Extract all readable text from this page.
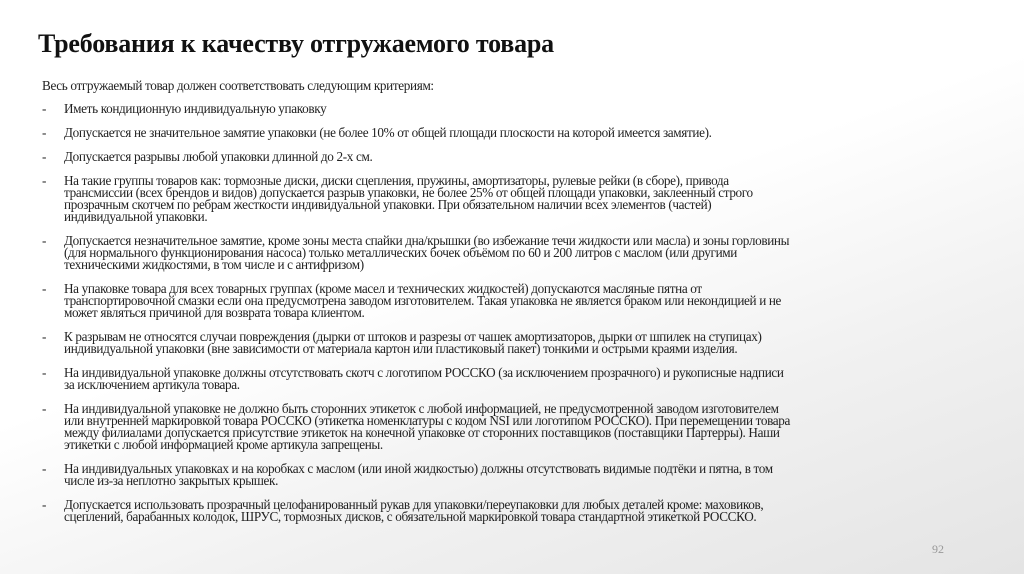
Требования к качеству отгружаемого товара
Весь отгружаемый товар должен соответствовать следующим критериям:
- Иметь кондиционную индивидуальную упаковку
- Допускается не значительное замятие упаковки (не более 10% от общей площади плоскости на которой имеется замятие).
- Допускается разрывы любой упаковки длинной до 2-х см.
- На такие группы товаров как: тормозные диски, диски сцепления, пружины, амортизаторы, рулевые рейки (в сборе), привода
трансмиссии (всех брендов и видов) допускается разрыв упаковки, не более 25% от общей площади упаковки, заклеенный строго
прозрачным скотчем по ребрам жесткости индивидуальной упаковки. При обязательном наличии всех элементов (частей)
индивидуальной упаковки.
- Допускается незначительное замятие, кроме зоны места спайки дна/крышки (во избежание течи жидкости или масла) и зоны горловины
(для нормального функционирования насоса) только металлических бочек объёмом по 60 и 200 литров с маслом (или другими
техническими жидкостями, в том числе и с антифризом)
- На упаковке товара для всех товарных группах (кроме масел и технических жидкостей) допускаются масляные пятна от
транспортировочной смазки если она предусмотрена заводом изготовителем. Такая упаковка не является браком или некондицией и не
может являться причиной для возврата товара клиентом.
- К разрывам не относятся случаи повреждения (дырки от штоков и разрезы от чашек амортизаторов, дырки от шпилек на ступицах)
индивидуальной упаковки (вне зависимости от материала картон или пластиковый пакет) тонкими и острыми краями изделия.
- На индивидуальной упаковке должны отсутствовать скотч с логотипом РОССКО (за исключением прозрачного) и рукописные надписи
за исключением артикула товара.
- На индивидуальной упаковке не должно быть сторонних этикеток с любой информацией, не предусмотренной заводом изготовителем
или внутренней маркировкой товара РОССКО (этикетка номенклатуры с кодом NSI или логотипом РОССКО). При перемещении товара
между филиалами допускается присутствие этикеток на конечной упаковке от сторонних поставщиков (поставщики Партерры). Наши
этикетки с любой информацией кроме артикула запрещены.
- На индивидуальных упаковках и на коробках с маслом (или иной жидкостью) должны отсутствовать видимые подтёки и пятна, в том
числе из-за неплотно закрытых крышек.
- Допускается использовать прозрачный целофанированный рукав для упаковки/переупаковки для любых деталей кроме: маховиков,
сцеплений, барабанных колодок, ШРУС, тормозных дисков, с обязательной маркировкой товара стандартной этикеткой РОССКО.
92
